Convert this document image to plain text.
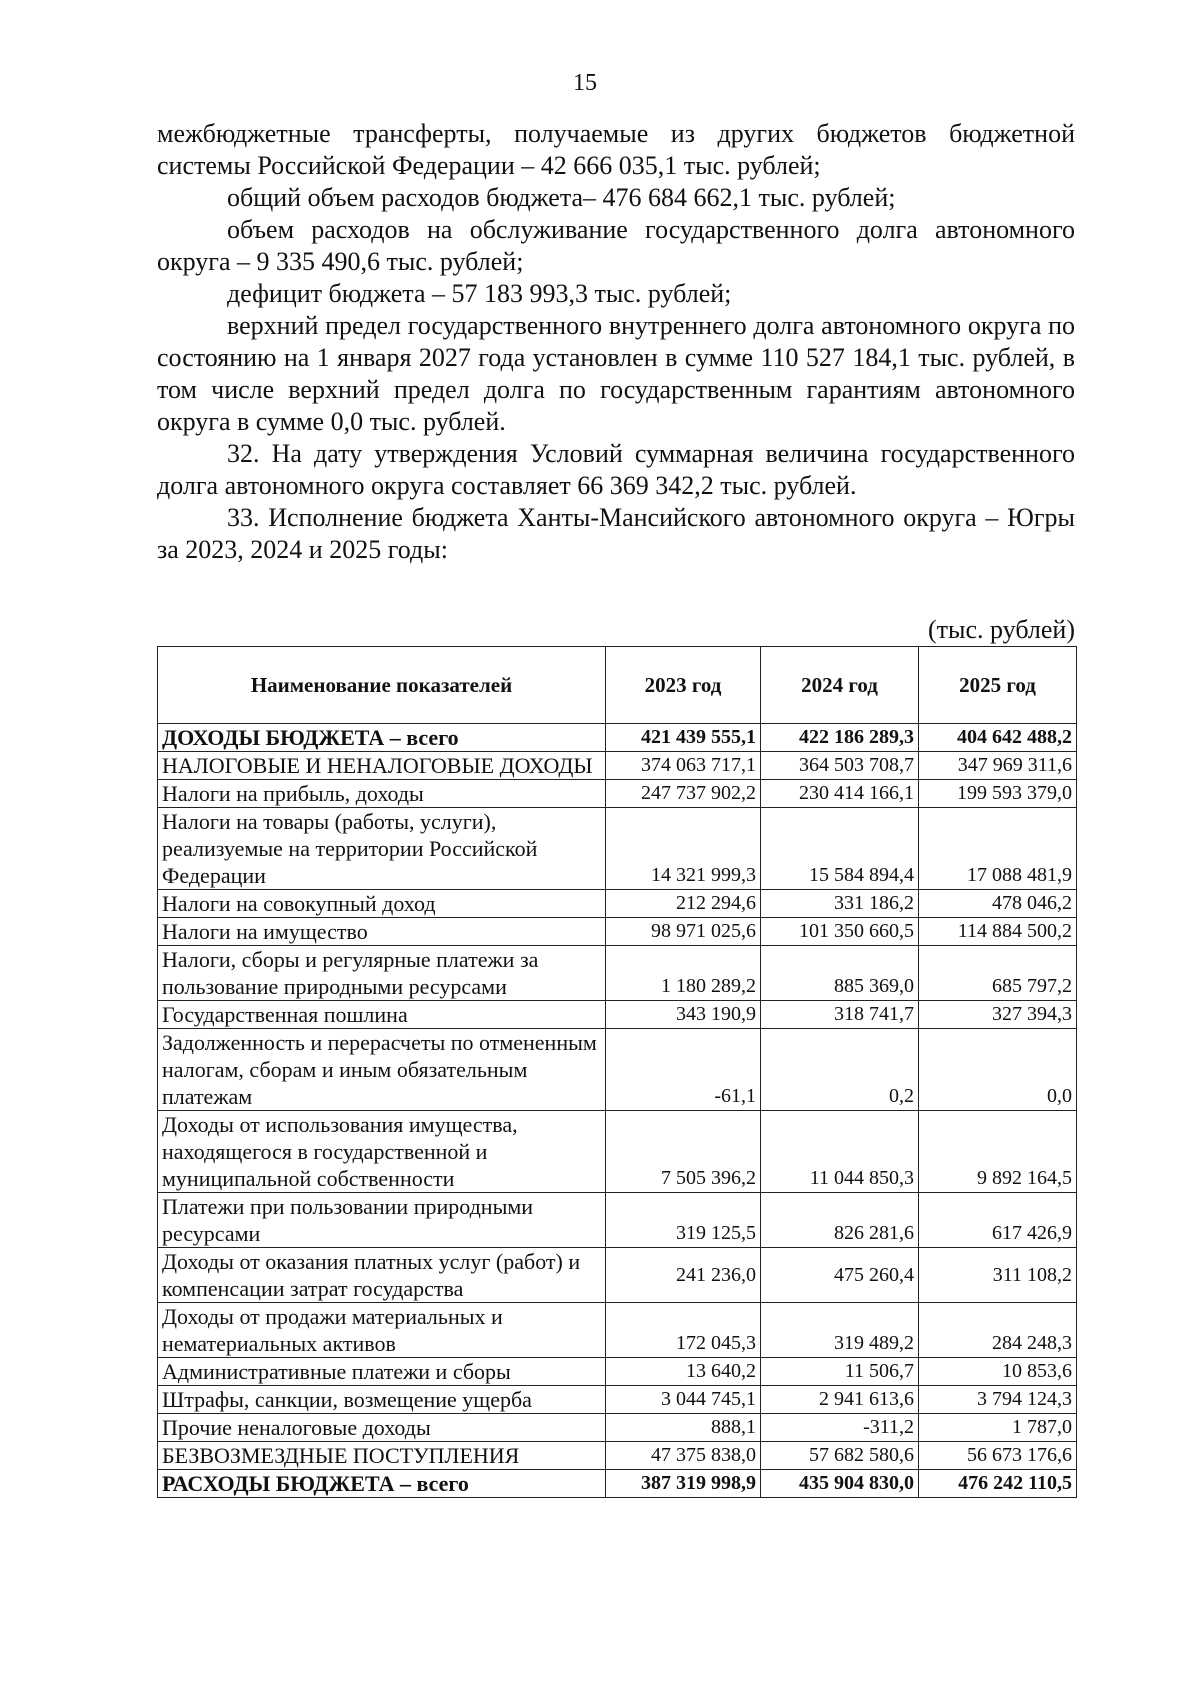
15

межбюджетные трансферты, получаемые из других бюджетов бюджетной системы Российской Федерации – 42 666 035,1 тыс. рублей;

общий объем расходов бюджета– 476 684 662,1 тыс. рублей;

объем расходов на обслуживание государственного долга автономного округа – 9 335 490,6 тыс. рублей;

дефицит бюджета – 57 183 993,3 тыс. рублей;

верхний предел государственного внутреннего долга автономного округа по состоянию на 1 января 2027 года установлен в сумме 110 527 184,1 тыс. рублей, в том числе верхний предел долга по государственным гарантиям автономного округа в сумме 0,0 тыс. рублей.

32. На дату утверждения Условий суммарная величина государственного долга автономного округа составляет 66 369 342,2 тыс. рублей.

33. Исполнение бюджета Ханты-Мансийского автономного округа – Югры за 2023, 2024 и 2025 годы:

(тыс. рублей)
Наименование показателей	2023 год	2024 год	2025 год
ДОХОДЫ БЮДЖЕТА – всего	421 439 555,1	422 186 289,3	404 642 488,2
НАЛОГОВЫЕ И НЕНАЛОГОВЫЕ ДОХОДЫ	374 063 717,1	364 503 708,7	347 969 311,6
Налоги на прибыль, доходы	247 737 902,2	230 414 166,1	199 593 379,0
Налоги на товары (работы, услуги), реализуемые на территории Российской Федерации	14 321 999,3	15 584 894,4	17 088 481,9
Налоги на совокупный доход	212 294,6	331 186,2	478 046,2
Налоги на имущество	98 971 025,6	101 350 660,5	114 884 500,2
Налоги, сборы и регулярные платежи за пользование природными ресурсами	1 180 289,2	885 369,0	685 797,2
Государственная пошлина	343 190,9	318 741,7	327 394,3
Задолженность и перерасчеты по отмененным налогам, сборам и иным обязательным платежам	-61,1	0,2	0,0
Доходы от использования имущества, находящегося в государственной и муниципальной собственности	7 505 396,2	11 044 850,3	9 892 164,5
Платежи при пользовании природными ресурсами	319 125,5	826 281,6	617 426,9
Доходы от оказания платных услуг (работ) и компенсации затрат государства	241 236,0	475 260,4	311 108,2
Доходы от продажи материальных и нематериальных активов	172 045,3	319 489,2	284 248,3
Административные платежи и сборы	13 640,2	11 506,7	10 853,6
Штрафы, санкции, возмещение ущерба	3 044 745,1	2 941 613,6	3 794 124,3
Прочие неналоговые доходы	888,1	-311,2	1 787,0
БЕЗВОЗМЕЗДНЫЕ ПОСТУПЛЕНИЯ	47 375 838,0	57 682 580,6	56 673 176,6
РАСХОДЫ БЮДЖЕТА – всего	387 319 998,9	435 904 830,0	476 242 110,5
